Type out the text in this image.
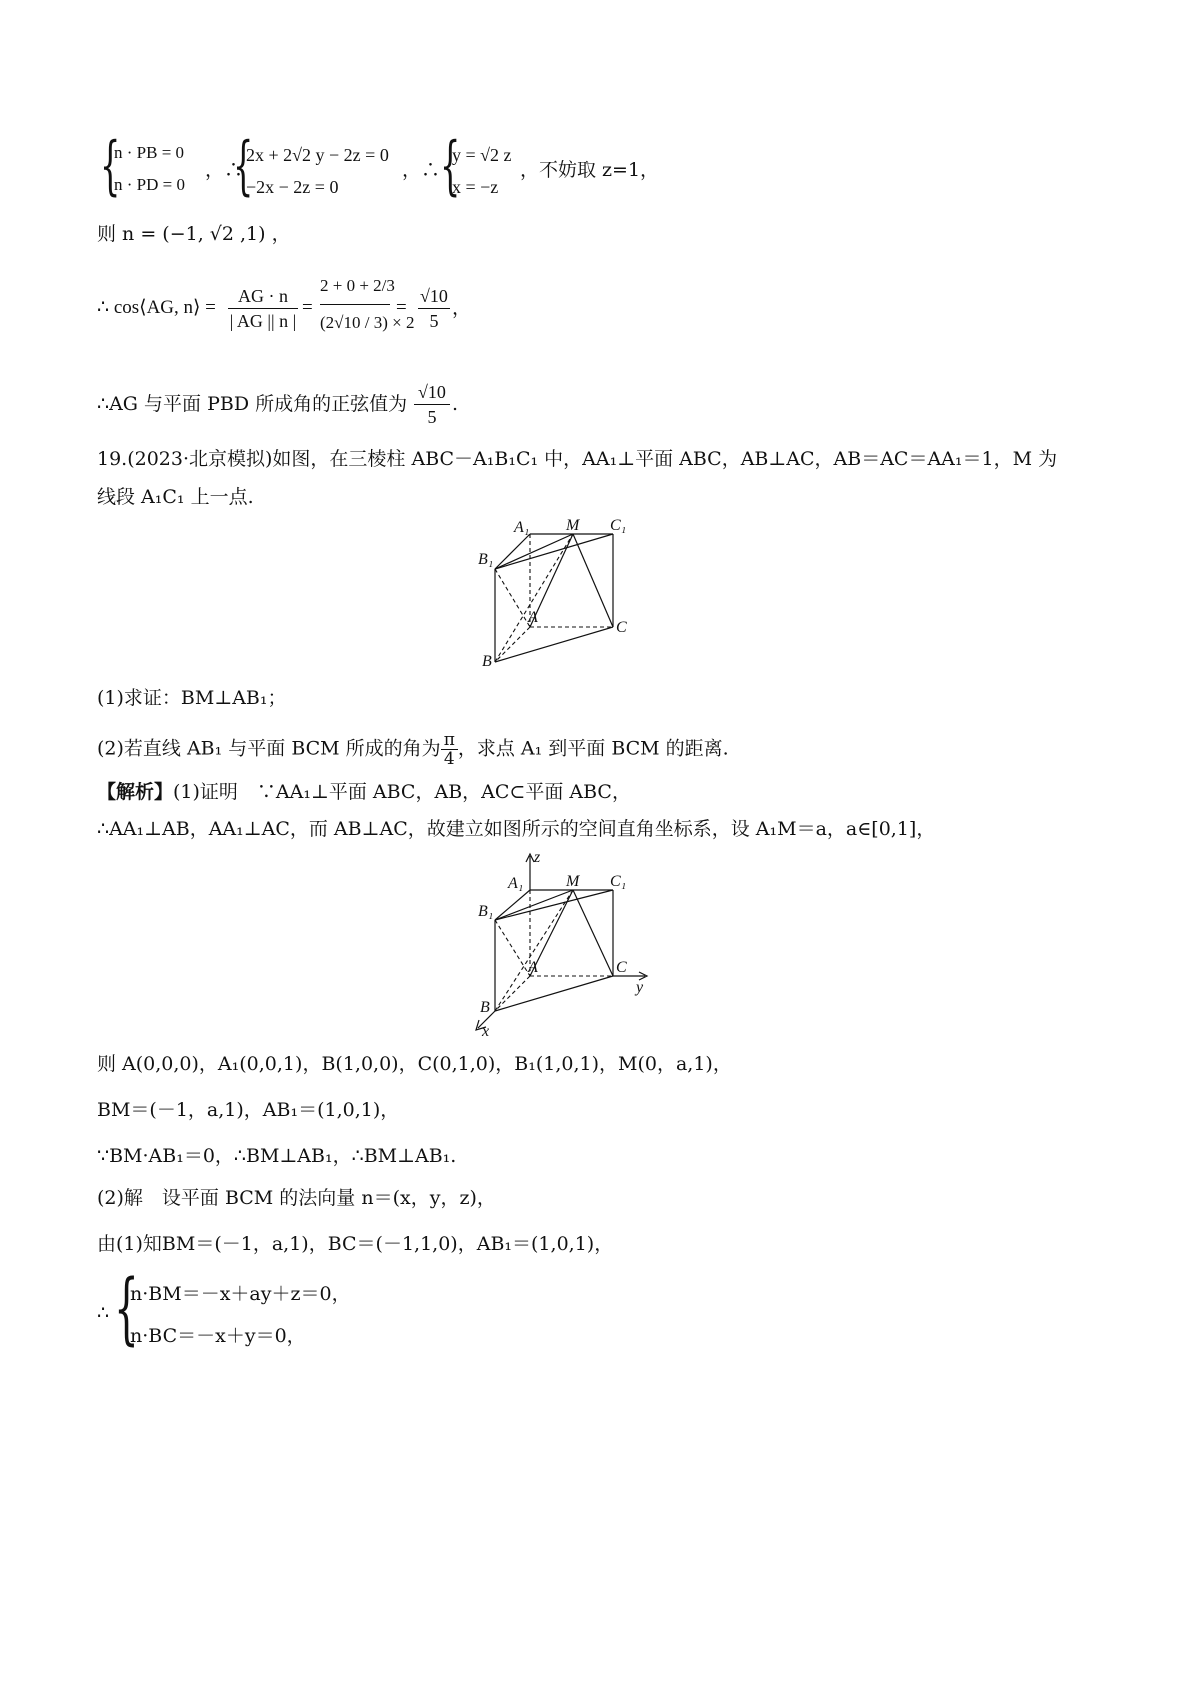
{
n · PB = 0
n · PD = 0
，∴
{
2x + 2√2 y − 2z = 0
−2x − 2z = 0
，∴ {
y = √2 z
x = −z
，不妨取 z=1，
则 n = (−1, √2 ,1) ，
∴ cos⟨AG, n⟩ = $\frac{AG \cdot n}{| AG || n |} = \frac{2 + 0 + 2/3}{(2√10 / 3) \times 2} = \frac{√10}{5}$ ，
∴AG 与平面 PBD 所成角的正弦值为 $\frac{√10}{5}$ .
19.(2023·北京模拟)如图，在三棱柱 ABC－A₁B₁C₁ 中，AA₁⊥平面 ABC，AB⊥AC，AB＝AC＝AA₁＝1，M 为
线段 A₁C₁ 上一点.
A₁ M C₁
B₁
A
C
B
(1)求证：BM⊥AB₁；
(2)若直线 AB₁ 与平面 BCM 所成的角为 $\frac{\pi}{4}$ ，求点 A₁ 到平面 BCM 的距离.
【解析】(1)证明　∵AA₁⊥平面 ABC，AB，AC⊂平面 ABC，
∴AA₁⊥AB，AA₁⊥AC，而 AB⊥AC，故建立如图所示的空间直角坐标系，设 A₁M＝a，a∈[0,1]，
z
A₁	M C₁
B₁
A	C
y
B
x
则 A(0,0,0)，A₁(0,0,1)，B(1,0,0)，C(0,1,0)，B₁(1,0,1)，M(0，a,1)，
BM＝(－1，a,1)，AB₁＝(1,0,1)，
∵BM·AB₁＝0，∴BM⊥AB₁，∴BM⊥AB₁.
(2)解　设平面 BCM 的法向量 n＝(x，y，z)，
由(1)知BM＝(－1，a,1)，BC＝(－1,1,0)，AB₁＝(1,0,1)，
∴ {
n·BM＝－x＋ay＋z＝0，
n·BC＝－x＋y＝0，
